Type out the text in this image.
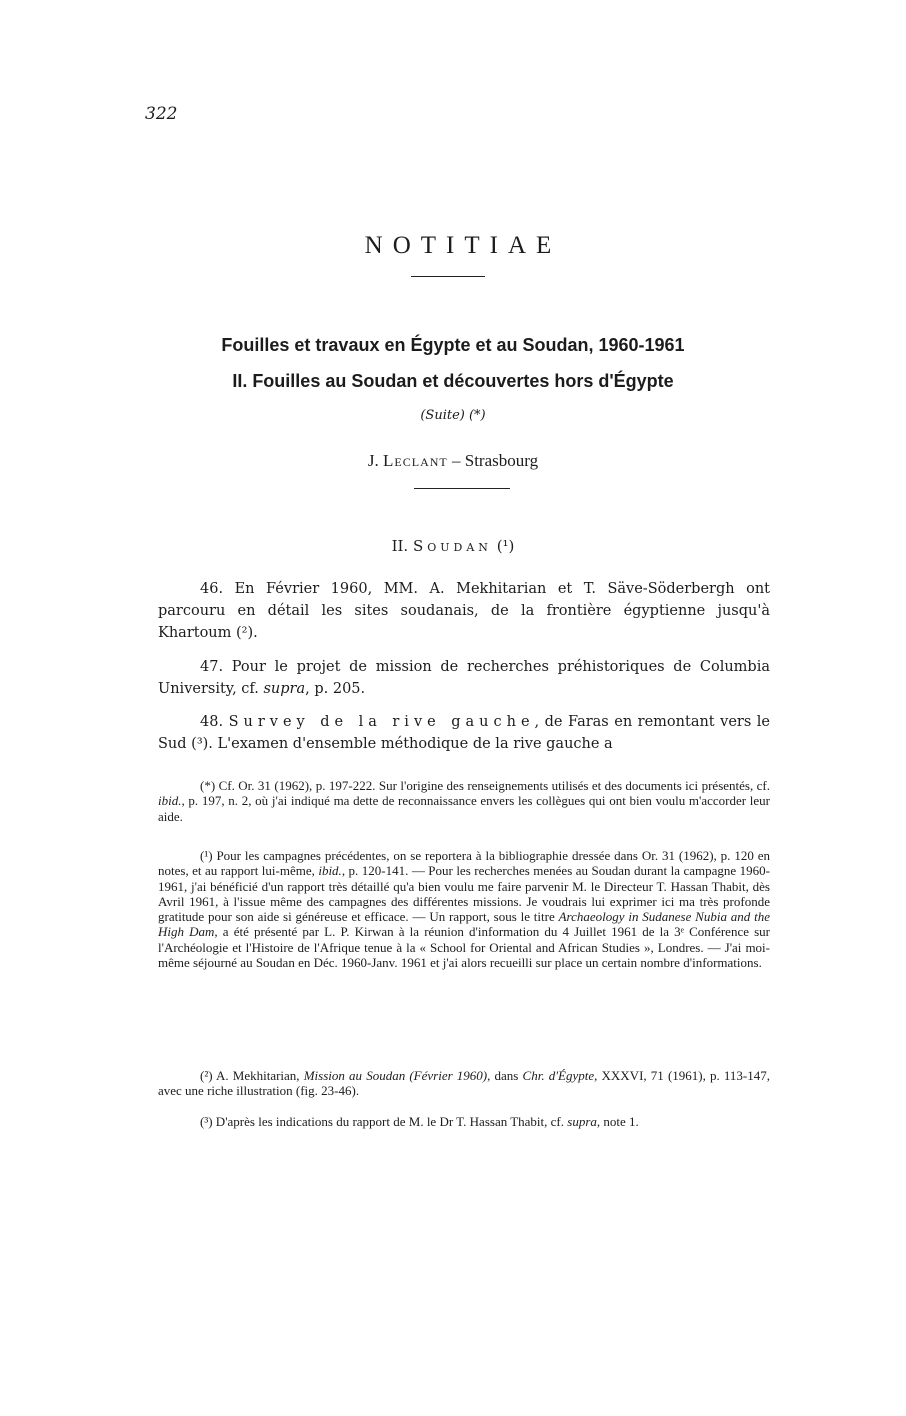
322
NOTITIAE
Fouilles et travaux en Égypte et au Soudan, 1960-1961
II. Fouilles au Soudan et découvertes hors d'Égypte
(Suite) (*)
J. Leclant – Strasbourg
II. Soudan (¹)
46. En Février 1960, MM. A. Mekhitarian et T. Säve-Söderbergh ont parcouru en détail les sites soudanais, de la frontière égyptienne jusqu'à Khartoum (²).
47. Pour le projet de mission de recherches préhistoriques de Columbia University, cf. supra, p. 205.
48. Survey de la rive gauche, de Faras en remontant vers le Sud (³). L'examen d'ensemble méthodique de la rive gauche a
(*) Cf. Or. 31 (1962), p. 197-222. Sur l'origine des renseignements utilisés et des documents ici présentés, cf. ibid., p. 197, n. 2, où j'ai indiqué ma dette de reconnaissance envers les collègues qui ont bien voulu m'accorder leur aide.
(¹) Pour les campagnes précédentes, on se reportera à la bibliographie dressée dans Or. 31 (1962), p. 120 en notes, et au rapport lui-même, ibid., p. 120-141. — Pour les recherches menées au Soudan durant la campagne 1960-1961, j'ai bénéficié d'un rapport très détaillé qu'a bien voulu me faire parvenir M. le Directeur T. Hassan Thabit, dès Avril 1961, à l'issue même des campagnes des différentes missions. Je voudrais lui exprimer ici ma très profonde gratitude pour son aide si généreuse et efficace. — Un rapport, sous le titre Archaeology in Sudanese Nubia and the High Dam, a été présenté par L. P. Kirwan à la réunion d'information du 4 Juillet 1961 de la 3ᵉ Conférence sur l'Archéologie et l'Histoire de l'Afrique tenue à la « School for Oriental and African Studies », Londres. — J'ai moi-même séjourné au Soudan en Déc. 1960-Janv. 1961 et j'ai alors recueilli sur place un certain nombre d'informations.
(²) A. Mekhitarian, Mission au Soudan (Février 1960), dans Chr. d'Égypte, XXXVI, 71 (1961), p. 113-147, avec une riche illustration (fig. 23-46).
(³) D'après les indications du rapport de M. le Dr T. Hassan Thabit, cf. supra, note 1.
